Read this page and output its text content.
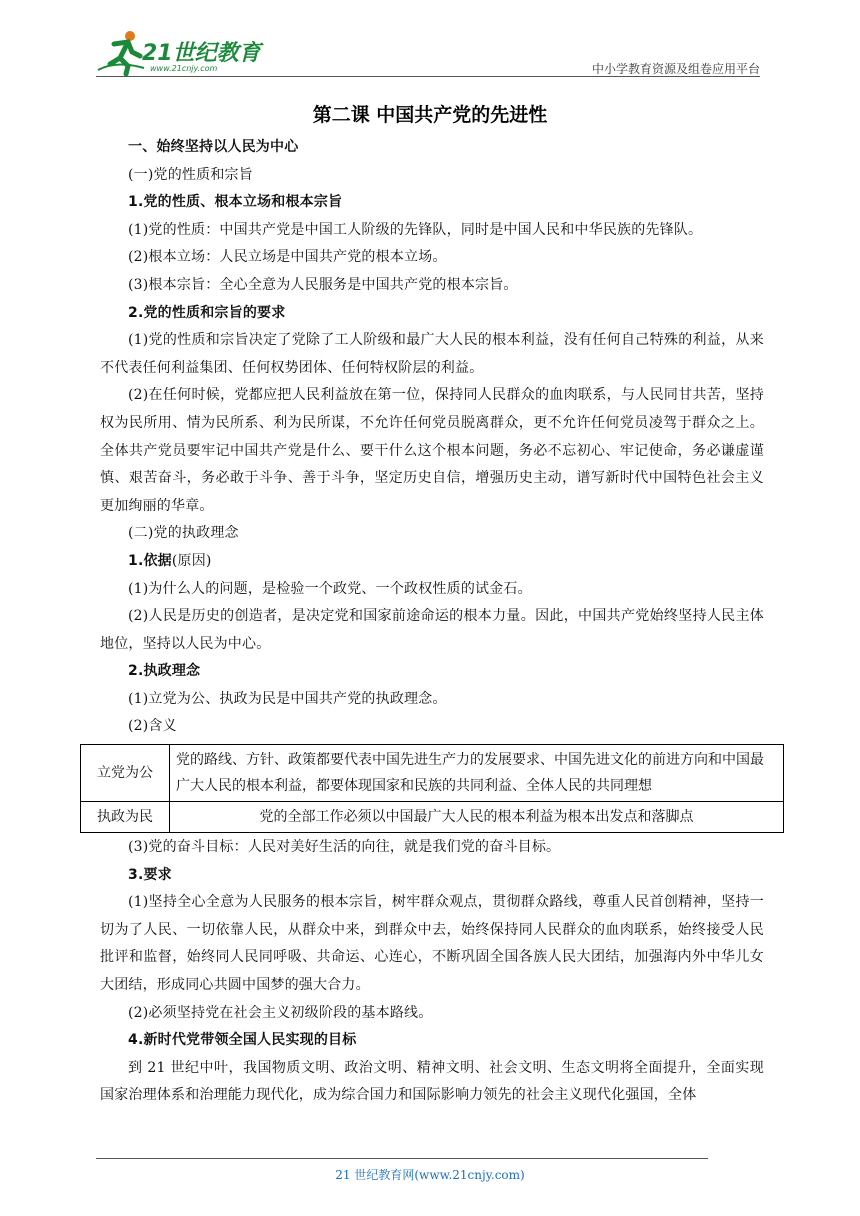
21世纪教育
www.21cnjy.com	中小学教育资源及组卷应用平台
第二课 中国共产党的先进性

一、始终坚持以人民为中心

(一)党的性质和宗旨

1.党的性质、根本立场和根本宗旨

(1)党的性质：中国共产党是中国工人阶级的先锋队，同时是中国人民和中华民族的先锋队。

(2)根本立场：人民立场是中国共产党的根本立场。

(3)根本宗旨：全心全意为人民服务是中国共产党的根本宗旨。

2.党的性质和宗旨的要求

(1)党的性质和宗旨决定了党除了工人阶级和最广大人民的根本利益，没有任何自己特殊的利益，从来不代表任何利益集团、任何权势团体、任何特权阶层的利益。

(2)在任何时候，党都应把人民利益放在第一位，保持同人民群众的血肉联系，与人民同甘共苦，坚持权为民所用、情为民所系、利为民所谋，不允许任何党员脱离群众，更不允许任何党员凌驾于群众之上。全体共产党员要牢记中国共产党是什么、要干什么这个根本问题，务必不忘初心、牢记使命，务必谦虚谨慎、艰苦奋斗，务必敢于斗争、善于斗争，坚定历史自信，增强历史主动，谱写新时代中国特色社会主义更加绚丽的华章。

(二)党的执政理念

1.依据(原因)

(1)为什么人的问题，是检验一个政党、一个政权性质的试金石。

(2)人民是历史的创造者，是决定党和国家前途命运的根本力量。因此，中国共产党始终坚持人民主体地位，坚持以人民为中心。

2.执政理念

(1)立党为公、执政为民是中国共产党的执政理念。

(2)含义

立党为公	党的路线、方针、政策都要代表中国先进生产力的发展要求、中国先进文化的前进方向和中国最广大人民的根本利益，都要体现国家和民族的共同利益、全体人民的共同理想
执政为民	党的全部工作必须以中国最广大人民的根本利益为根本出发点和落脚点

(3)党的奋斗目标：人民对美好生活的向往，就是我们党的奋斗目标。

3.要求

(1)坚持全心全意为人民服务的根本宗旨，树牢群众观点，贯彻群众路线，尊重人民首创精神，坚持一切为了人民、一切依靠人民，从群众中来，到群众中去，始终保持同人民群众的血肉联系，始终接受人民批评和监督，始终同人民同呼吸、共命运、心连心，不断巩固全国各族人民大团结，加强海内外中华儿女大团结，形成同心共圆中国梦的强大合力。

(2)必须坚持党在社会主义初级阶段的基本路线。

4.新时代党带领全国人民实现的目标

到 21 世纪中叶，我国物质文明、政治文明、精神文明、社会文明、生态文明将全面提升，全面实现国家治理体系和治理能力现代化，成为综合国力和国际影响力领先的社会主义现代化强国，全体

21 世纪教育网(www.21cnjy.com)
